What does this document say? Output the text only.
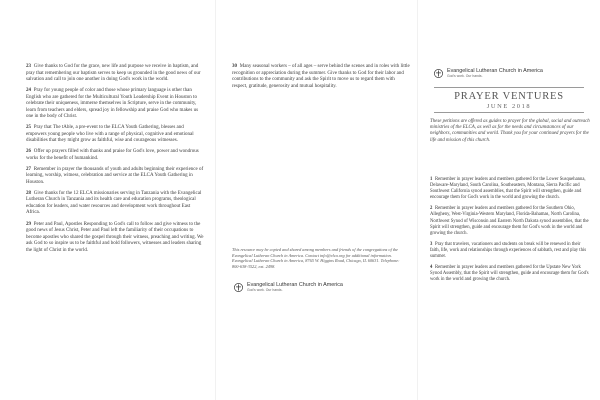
23 Give thanks to God for the grace, new life and purpose we receive in baptism, and pray that remembering our baptism serves to keep us grounded in the good news of our salvation and call to join one another in doing God's work in the world.

24 Pray for young people of color and those whose primary language is other than English who are gathered for the Multicultural Youth Leadership Event in Houston to celebrate their uniqueness, immerse themselves in Scripture, serve in the community, learn from teachers and elders, spread joy in fellowship and praise God who makes us one in the body of Christ.

25 Pray that The tAble, a pre-event to the ELCA Youth Gathering, blesses and empowers young people who live with a range of physical, cognitive and emotional disabilities that they might grow as faithful, wise and courageous witnesses.

26 Offer up prayers filled with thanks and praise for God's love, power and wondrous works for the benefit of humankind.

27 Remember in prayer the thousands of youth and adults beginning their experience of learning, worship, witness, celebration and service at the ELCA Youth Gathering in Houston.

28 Give thanks for the 12 ELCA missionaries serving in Tanzania with the Evangelical Lutheran Church in Tanzania and its health care and education programs, theological education for leaders, and water resources and development work throughout East Africa.

29 Peter and Paul, Apostles Responding to God's call to follow and give witness to the good news of Jesus Christ, Peter and Paul left the familiarity of their occupations to become apostles who shared the gospel through their witness, preaching and writing. We ask God to so inspire us to be faithful and bold followers, witnesses and leaders sharing the light of Christ in the world.

30 Many seasonal workers – of all ages – serve behind the scenes and in roles with little recognition or appreciation during the summer. Give thanks to God for their labor and contributions to the community and ask the Spirit to move us to regard them with respect, gratitude, generosity and mutual hospitality.

This resource may be copied and shared among members and friends of the congregations of the Evangelical Lutheran Church in America. Contact info@elca.org for additional information. Evangelical Lutheran Church in America, 8765 W. Higgins Road, Chicago, IL 60631. Telephone: 800-638-3522, ext. 2498.

Evangelical Lutheran Church in America
God's work. Our hands.
Evangelical Lutheran Church in America
God's work. Our hands.
PRAYER VENTURES
JUNE 2018

These petitions are offered as guides to prayer for the global, social and outreach ministries of the ELCA, as well as for the needs and circumstances of our neighbors, communities and world. Thank you for your continued prayers for the life and mission of this church.

1 Remember in prayer leaders and members gathered for the Lower Susquehanna, Delaware-Maryland, South Carolina, Southeastern, Montana, Sierra Pacific and Southwest California synod assemblies, that the Spirit will strengthen, guide and encourage them for God's work in the world and growing the church.

2 Remember in prayer leaders and members gathered for the Southern Ohio, Allegheny, West-Virginia-Western Maryland, Florida-Bahamas, North Carolina, Northwest Synod of Wisconsin and Eastern North Dakota synod assemblies, that the Spirit will strengthen, guide and encourage them for God's work in the world and growing the church.

3 Pray that travelers, vacationers and students on break will be renewed in their faith, life, work and relationships through experiences of sabbath, rest and play this summer.

4 Remember in prayer leaders and members gathered for the Upstate New York Synod Assembly, that the Spirit will strengthen, guide and encourage them for God's work in the world and growing the church.
